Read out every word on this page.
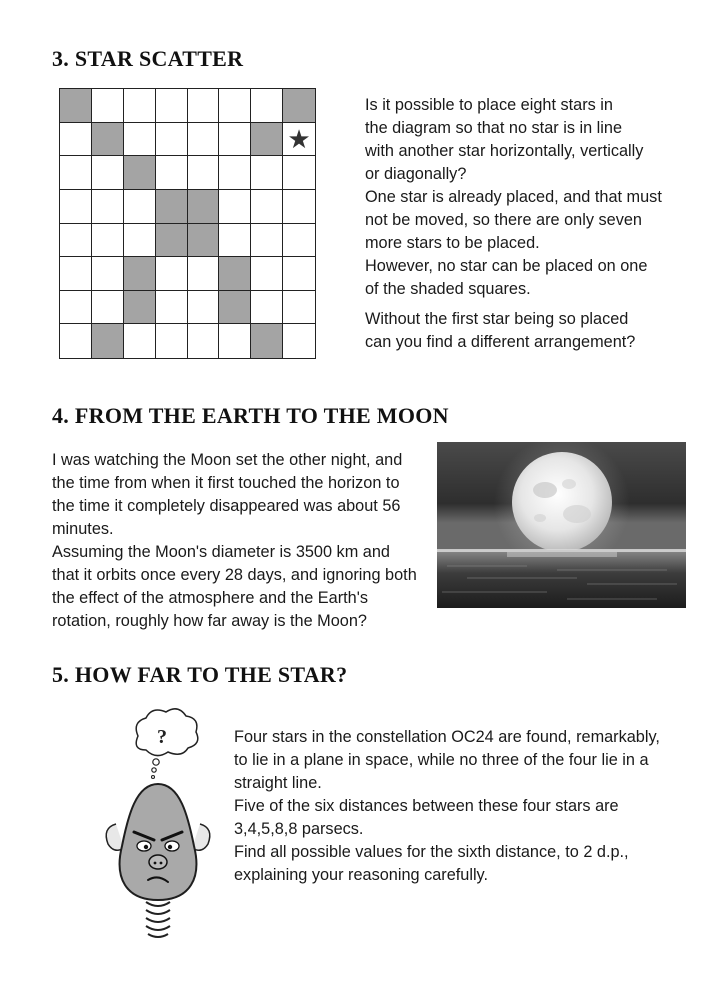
3. STAR SCATTER
★

Is it possible to place eight stars in

the diagram so that no star is in line

with another star horizontally, vertically

or diagonally?

One star is already placed, and that must

not be moved, so there are only seven

more stars to be placed.

However, no star can be placed on one

of the shaded squares.

Without the first star being so placed

can you find a different arrangement?

4. FROM THE EARTH TO THE MOON

I was watching the Moon set the other night, and

the time from when it first touched the horizon to

the time it completely disappeared was about 56

minutes.

Assuming the Moon's diameter is 3500 km and

that it orbits once every 28 days, and ignoring both

the effect of the atmosphere and the Earth's

rotation, roughly how far away is the Moon?

5. HOW FAR TO THE STAR?
?	Four stars in the constellation OC24 are found, remarkably,

to lie in a plane in space, while no three of the four lie in a

straight line.

Five of the six distances between these four stars are

3,4,5,8,8 parsecs.

Find all possible values for the sixth distance, to 2 d.p.,

explaining your reasoning carefully.
